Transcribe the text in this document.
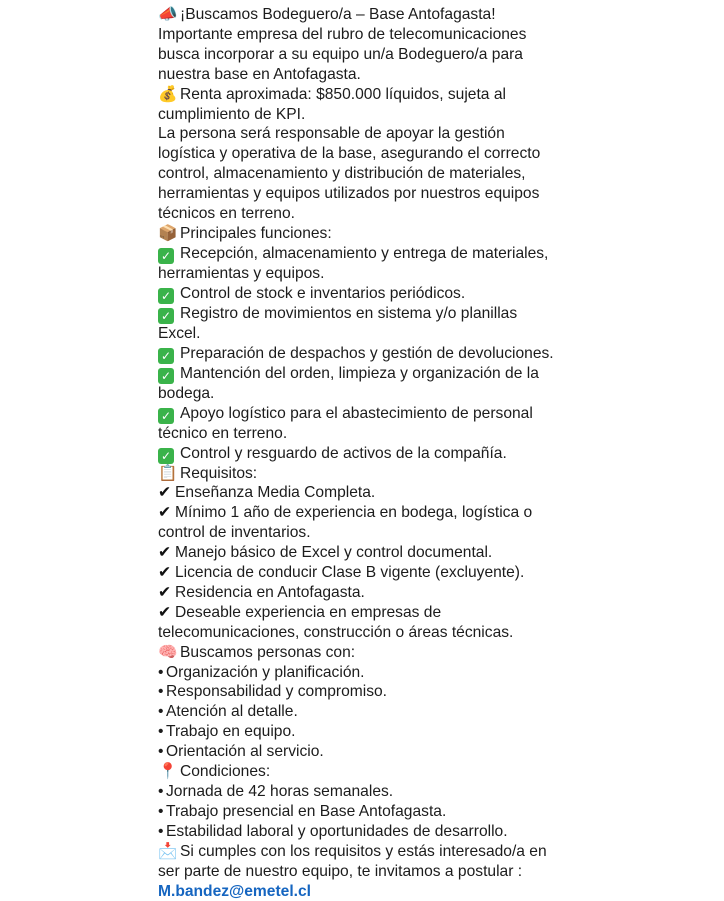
📣 ¡Buscamos Bodeguero/a – Base Antofagasta!
Importante empresa del rubro de telecomunicaciones
busca incorporar a su equipo un/a Bodeguero/a para
nuestra base en Antofagasta.
💰 Renta aproximada: $850.000 líquidos, sujeta al
cumplimiento de KPI.
La persona será responsable de apoyar la gestión
logística y operativa de la base, asegurando el correcto
control, almacenamiento y distribución de materiales,
herramientas y equipos utilizados por nuestros equipos
técnicos en terreno.
📦 Principales funciones:
✓ Recepción, almacenamiento y entrega de materiales,
herramientas y equipos.
✓ Control de stock e inventarios periódicos.
✓ Registro de movimientos en sistema y/o planillas
Excel.
✓ Preparación de despachos y gestión de devoluciones.
✓ Mantención del orden, limpieza y organización de la
bodega.
✓ Apoyo logístico para el abastecimiento de personal
técnico en terreno.
✓ Control y resguardo de activos de la compañía.
📋 Requisitos:
✔ Enseñanza Media Completa.
✔ Mínimo 1 año de experiencia en bodega, logística o
control de inventarios.
✔ Manejo básico de Excel y control documental.
✔ Licencia de conducir Clase B vigente (excluyente).
✔ Residencia en Antofagasta.
✔ Deseable experiencia en empresas de
telecomunicaciones, construcción o áreas técnicas.
🧠 Buscamos personas con:
• Organización y planificación.
• Responsabilidad y compromiso.
• Atención al detalle.
• Trabajo en equipo.
• Orientación al servicio.
📍 Condiciones:
• Jornada de 42 horas semanales.
• Trabajo presencial en Base Antofagasta.
• Estabilidad laboral y oportunidades de desarrollo.
📩 Si cumples con los requisitos y estás interesado/a en
ser parte de nuestro equipo, te invitamos a postular :
M.bandez@emetel.cl
